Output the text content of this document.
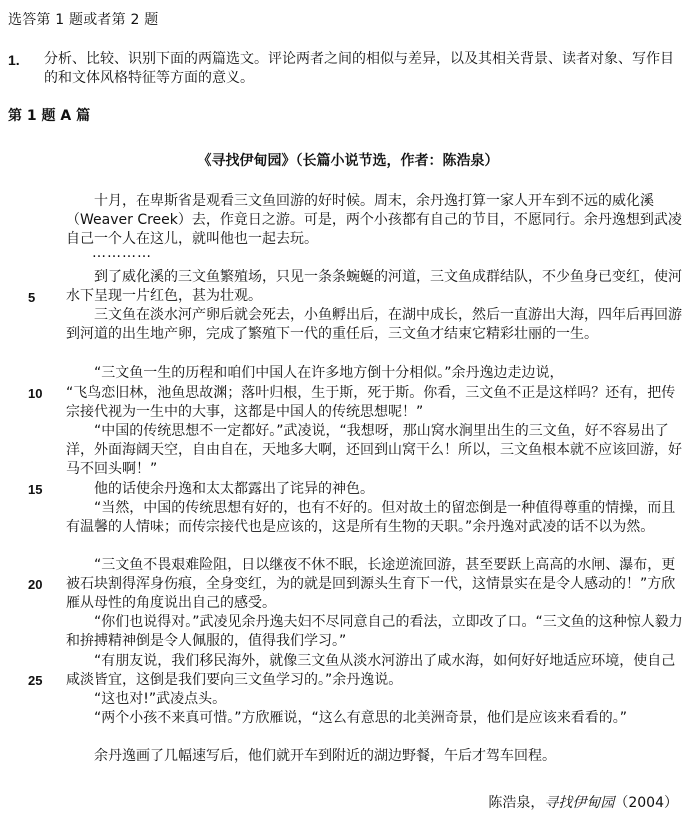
选答第 1 题或者第 2 题
1. 分析、比较、识别下面的两篇选文。评论两者之间的相似与差异，以及其相关背景、读者对象、写作目的和文体风格特征等方面的意义。
第 1 题 A 篇
《寻找伊甸园》（长篇小说节选，作者：陈浩泉）

十月，在卑斯省是观看三文鱼回游的好时候。周末，余丹逸打算一家人开车到不远的威化溪（Weaver Creek）去，作竟日之游。可是，两个小孩都有自己的节目，不愿同行。余丹逸想到武凌自己一个人在这儿，就叫他也一起去玩。

…………

到了威化溪的三文鱼繁殖场，只见一条条蜿蜒的河道，三文鱼成群结队，不少鱼身已变红，使河水下呈现一片红色，甚为壮观。

三文鱼在淡水河产卵后就会死去，小鱼孵出后，在湖中成长，然后一直游出大海，四年后再回游到河道的出生地产卵，完成了繁殖下一代的重任后，三文鱼才结束它精彩壮丽的一生。

“三文鱼一生的历程和咱们中国人在许多地方倒十分相似。”余丹逸边走边说，

“飞鸟恋旧林，池鱼思故渊；落叶归根，生于斯，死于斯。你看，三文鱼不正是这样吗？还有，把传宗接代视为一生中的大事，这都是中国人的传统思想呢！”

“中国的传统思想不一定都好。”武凌说，“我想呀，那山窝水涧里出生的三文鱼，好不容易出了洋，外面海阔天空，自由自在，天地多大啊，还回到山窝干么！所以，三文鱼根本就不应该回游，好马不回头啊！”

他的话使余丹逸和太太都露出了诧异的神色。

“当然，中国的传统思想有好的，也有不好的。但对故土的留恋倒是一种值得尊重的情操，而且有温馨的人情味；而传宗接代也是应该的，这是所有生物的天职。”余丹逸对武凌的话不以为然。

“三文鱼不畏艰难险阻，日以继夜不休不眠，长途逆流回游，甚至要跃上高高的水闸、瀑布，更被石块割得浑身伤痕，全身变红，为的就是回到源头生育下一代，这情景实在是令人感动的！”方欣雁从母性的角度说出自己的感受。

“你们也说得对。”武凌见余丹逸夫妇不尽同意自己的看法，立即改了口。“三文鱼的这种惊人毅力和拚搏精神倒是令人佩服的，值得我们学习。”

“有朋友说，我们移民海外，就像三文鱼从淡水河游出了咸水海，如何好好地适应环境，使自己咸淡皆宜，这倒是我们要向三文鱼学习的。”余丹逸说。

“这也对!”武凌点头。

“两个小孩不来真可惜。”方欣雁说，“这么有意思的北美洲奇景，他们是应该来看看的。”

余丹逸画了几幅速写后，他们就开车到附近的湖边野餐，午后才驾车回程。

5
10
15
20
25
陈浩泉，寻找伊甸园（2004）
